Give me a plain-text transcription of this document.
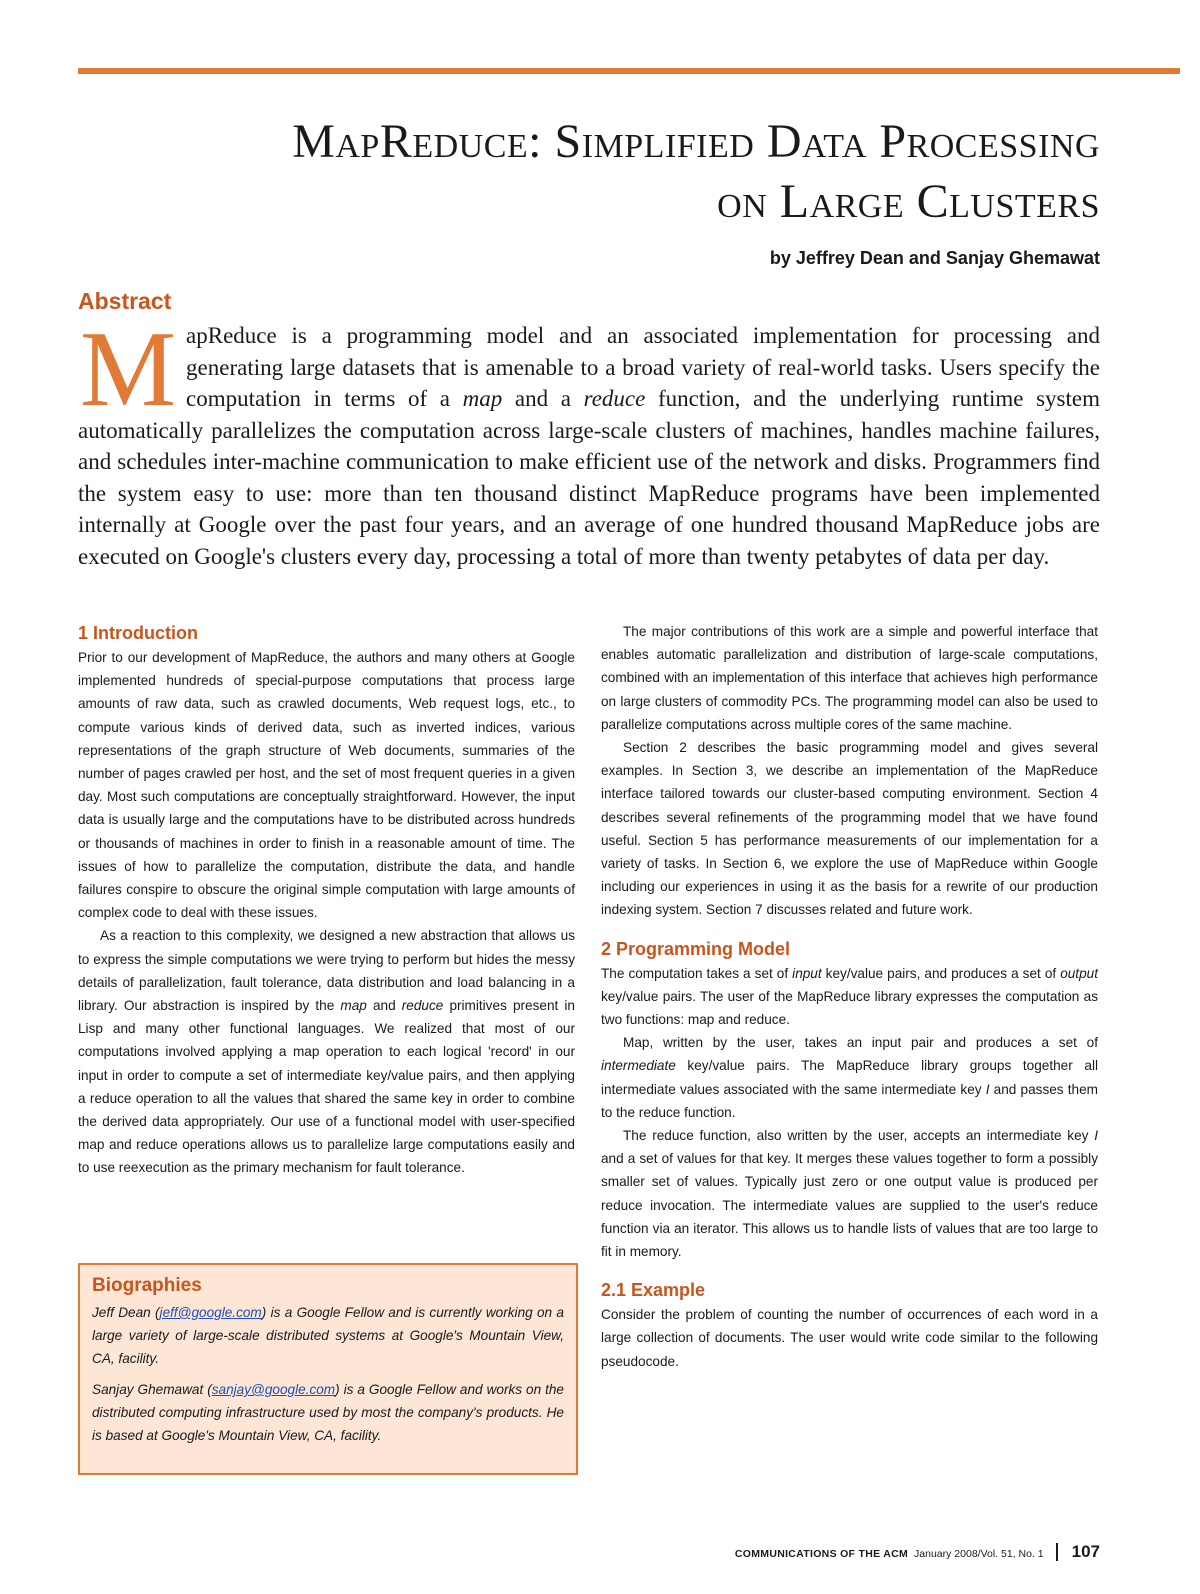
MapReduce: Simplified Data Processing
on Large Clusters
by Jeffrey Dean and Sanjay Ghemawat
Abstract
MapReduce is a programming model and an associated implementation for processing and generating large datasets that is amenable to a broad variety of real-world tasks. Users specify the computation in terms of a map and a reduce function, and the underlying runtime system automatically parallelizes the computation across large-scale clusters of machines, handles machine failures, and schedules inter-machine communication to make efficient use of the network and disks. Programmers find the system easy to use: more than ten thousand distinct MapReduce programs have been implemented internally at Google over the past four years, and an average of one hundred thousand MapReduce jobs are executed on Google's clusters every day, processing a total of more than twenty petabytes of data per day.
1 Introduction

Prior to our development of MapReduce, the authors and many others at Google implemented hundreds of special-purpose computations that process large amounts of raw data, such as crawled documents, Web request logs, etc., to compute various kinds of derived data, such as inverted indices, various representations of the graph structure of Web documents, summaries of the number of pages crawled per host, and the set of most frequent queries in a given day. Most such computations are conceptually straightforward. However, the input data is usually large and the computations have to be distributed across hundreds or thousands of machines in order to finish in a reasonable amount of time. The issues of how to parallelize the computation, distribute the data, and handle failures conspire to obscure the original simple computation with large amounts of complex code to deal with these issues.

As a reaction to this complexity, we designed a new abstraction that allows us to express the simple computations we were trying to perform but hides the messy details of parallelization, fault tolerance, data distribution and load balancing in a library. Our abstraction is inspired by the map and reduce primitives present in Lisp and many other functional languages. We realized that most of our computations involved applying a map operation to each logical 'record' in our input in order to compute a set of intermediate key/value pairs, and then applying a reduce operation to all the values that shared the same key in order to combine the derived data appropriately. Our use of a functional model with user-specified map and reduce operations allows us to parallelize large computations easily and to use reexecution as the primary mechanism for fault tolerance.

Biographies

Jeff Dean (jeff@google.com) is a Google Fellow and is currently working on a large variety of large-scale distributed systems at Google's Mountain View, CA, facility.

Sanjay Ghemawat (sanjay@google.com) is a Google Fellow and works on the distributed computing infrastructure used by most the company's products. He is based at Google's Mountain View, CA, facility.

The major contributions of this work are a simple and powerful interface that enables automatic parallelization and distribution of large-scale computations, combined with an implementation of this interface that achieves high performance on large clusters of commodity PCs. The programming model can also be used to parallelize computations across multiple cores of the same machine.

Section 2 describes the basic programming model and gives several examples. In Section 3, we describe an implementation of the MapReduce interface tailored towards our cluster-based computing environment. Section 4 describes several refinements of the programming model that we have found useful. Section 5 has performance measurements of our implementation for a variety of tasks. In Section 6, we explore the use of MapReduce within Google including our experiences in using it as the basis for a rewrite of our production indexing system. Section 7 discusses related and future work.

2 Programming Model

The computation takes a set of input key/value pairs, and produces a set of output key/value pairs. The user of the MapReduce library expresses the computation as two functions: map and reduce.

Map, written by the user, takes an input pair and produces a set of intermediate key/value pairs. The MapReduce library groups together all intermediate values associated with the same intermediate key I and passes them to the reduce function.

The reduce function, also written by the user, accepts an intermediate key I and a set of values for that key. It merges these values together to form a possibly smaller set of values. Typically just zero or one output value is produced per reduce invocation. The intermediate values are supplied to the user's reduce function via an iterator. This allows us to handle lists of values that are too large to fit in memory.

2.1 Example

Consider the problem of counting the number of occurrences of each word in a large collection of documents. The user would write code similar to the following pseudocode.

COMMUNICATIONS OF THE ACM January 2008/Vol. 51, No. 1 107
